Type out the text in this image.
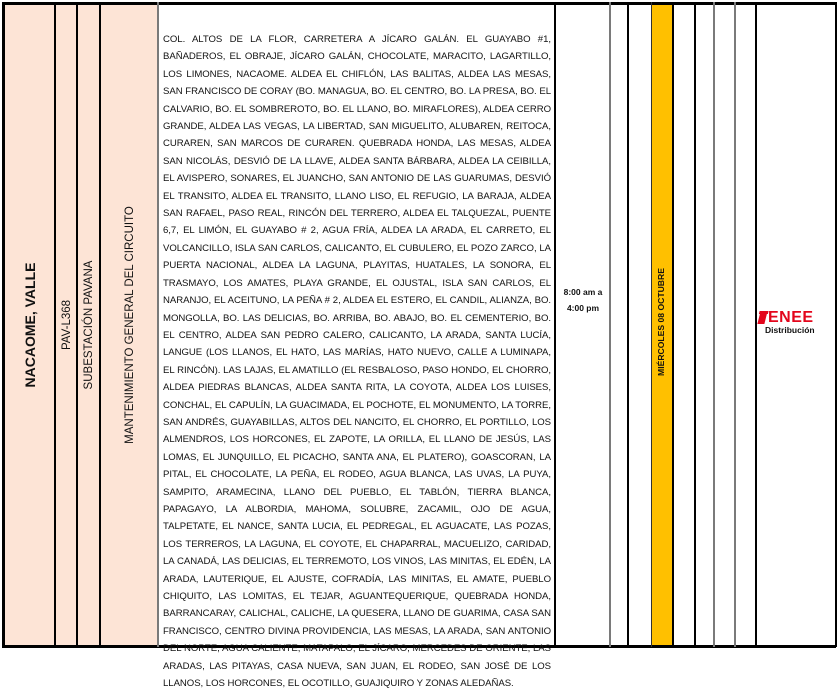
NACAOME, VALLE PAV-L368 SUBESTACIÓN PAVANA MANTENIMIENTO GENERAL DEL CIRCUITO
COL. ALTOS DE LA FLOR, CARRETERA A JÍCARO GALÁN. EL GUAYABO #1, BAÑADEROS, EL OBRAJE, JÍCARO GALÁN, CHOCOLATE, MARACITO, LAGARTILLO, LOS LIMONES, NACAOME. ALDEA EL CHIFLÓN, LAS BALITAS, ALDEA LAS MESAS, SAN FRANCISCO DE CORAY (BO. MANAGUA, BO. EL CENTRO, BO. LA PRESA, BO. EL CALVARIO, BO. EL SOMBREROTO, BO. EL LLANO, BO. MIRAFLORES), ALDEA CERRO GRANDE, ALDEA LAS VEGAS, LA LIBERTAD, SAN MIGUELITO, ALUBAREN, REITOCA, CURAREN, SAN MARCOS DE CURAREN. QUEBRADA HONDA, LAS MESAS, ALDEA SAN NICOLÁS, DESVIÓ DE LA LLAVE, ALDEA SANTA BÁRBARA, ALDEA LA CEIBILLA, EL AVISPERO, SONARES, EL JUANCHO, SAN ANTONIO DE LAS GUARUMAS, DESVIÓ EL TRANSITO, ALDEA EL TRANSITO, LLANO LISO, EL REFUGIO, LA BARAJA, ALDEA SAN RAFAEL, PASO REAL, RINCÓN DEL TERRERO, ALDEA EL TALQUEZAL, PUENTE 6,7, EL LIMÓN, EL GUAYABO # 2, AGUA FRÍA, ALDEA LA ARADA, EL CARRETO, EL VOLCANCILLO, ISLA SAN CARLOS, CALICANTO, EL CUBULERO, EL POZO ZARCO, LA PUERTA NACIONAL, ALDEA LA LAGUNA, PLAYITAS, HUATALES, LA SONORA, EL TRASMAYO, LOS AMATES, PLAYA GRANDE, EL OJUSTAL, ISLA SAN CARLOS, EL NARANJO, EL ACEITUNO, LA PEÑA # 2, ALDEA EL ESTERO, EL CANDIL, ALIANZA, BO. MONGOLLA, BO. LAS DELICIAS, BO. ARRIBA, BO. ABAJO, BO. EL CEMENTERIO, BO. EL CENTRO, ALDEA SAN PEDRO CALERO, CALICANTO, LA ARADA, SANTA LUCÍA, LANGUE (LOS LLANOS, EL HATO, LAS MARÍAS, HATO NUEVO, CALLE A LUMINAPA, EL RINCÓN). LAS LAJAS, EL AMATILLO (EL RESBALOSO, PASO HONDO, EL CHORRO, ALDEA PIEDRAS BLANCAS, ALDEA SANTA RITA, LA COYOTA, ALDEA LOS LUISES, CONCHAL, EL CAPULÍN, LA GUACIMADA, EL POCHOTE, EL MONUMENTO, LA TORRE, SAN ANDRÉS, GUAYABILLAS, ALTOS DEL NANCITO, EL CHORRO, EL PORTILLO, LOS ALMENDROS, LOS HORCONES, EL ZAPOTE, LA ORILLA, EL LLANO DE JESÚS, LAS LOMAS, EL JUNQUILLO, EL PICACHO, SANTA ANA, EL PLATERO), GOASCORAN, LA PITAL, EL CHOCOLATE, LA PEÑA, EL RODEO, AGUA BLANCA, LAS UVAS, LA PUYA, SAMPITO, ARAMECINA, LLANO DEL PUEBLO, EL TABLÓN, TIERRA BLANCA, PAPAGAYO, LA ALBORDIA, MAHOMA, SOLUBRE, ZACAMIL, OJO DE AGUA, TALPETATE, EL NANCE, SANTA LUCIA, EL PEDREGAL, EL AGUACATE, LAS POZAS, LOS TERREROS, LA LAGUNA, EL COYOTE, EL CHAPARRAL, MACUELIZO, CARIDAD, LA CANADÁ, LAS DELICIAS, EL TERREMOTO, LOS VINOS, LAS MINITAS, EL EDÉN, LA ARADA, LAUTERIQUE, EL AJUSTE, COFRADÍA, LAS MINITAS, EL AMATE, PUEBLO CHIQUITO, LAS LOMITAS, EL TEJAR, AGUANTEQUERIQUE, QUEBRADA HONDA, BARRANCARAY, CALICHAL, CALICHE, LA QUESERA, LLANO DE GUARIMA, CASA SAN FRANCISCO, CENTRO DIVINA PROVIDENCIA, LAS MESAS, LA ARADA, SAN ANTONIO DEL NORTE, AGUA CALIENTE, MATAPALO, EL JÍCARO, MERCEDES DE ORIENTE, LAS ARADAS, LAS PITAYAS, CASA NUEVA, SAN JUAN, EL RODEO, SAN JOSÉ DE LOS LLANOS, LOS HORCONES, EL OCOTILLO, GUAJIQUIRO Y ZONAS ALEDAÑAS.
8:00 am a
4:00 pm	MIÉRCOLES 08 OCTUBRE	ENEE
Distribución
